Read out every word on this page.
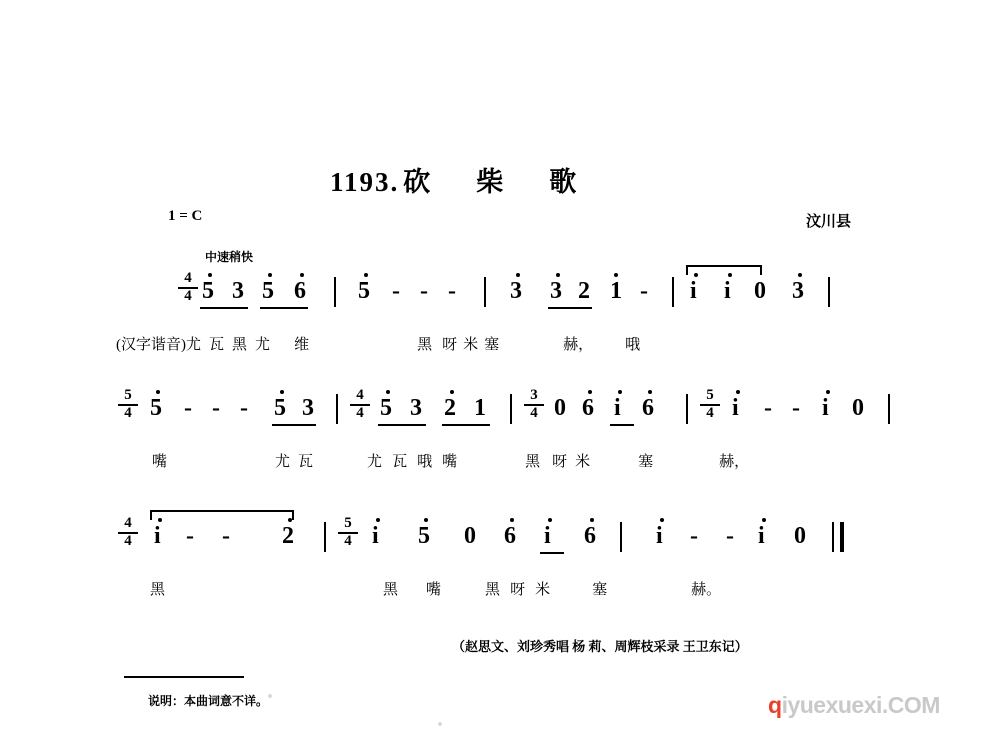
1193. 砍 柴 歌
1 = C	汶川县
中速稍快
4
4 5 3 5 6 5 - - - 3 3 2 1 - i i 0 3
(汉字谐音)尤 瓦 黑 尤 维	黑 呀 米 塞	赫， 哦
5
4 5 - - - 5 3	4
4 5 3 2 1	3
4 0 6 i 6	5
4 i - - i 0
嘴	尤 瓦	尤 瓦 哦 嘴	黑 呀 米	塞	赫，
4
4 i - - 2	5
4 i 5 0 6 i 6	i - - i 0
黑	黑 嘴	黑 呀 米	塞	赫。
（赵思文、刘珍秀唱 杨 莉、周辉枝采录 王卫东记）
说明：本曲词意不详。	qiyuexuexi.COM
